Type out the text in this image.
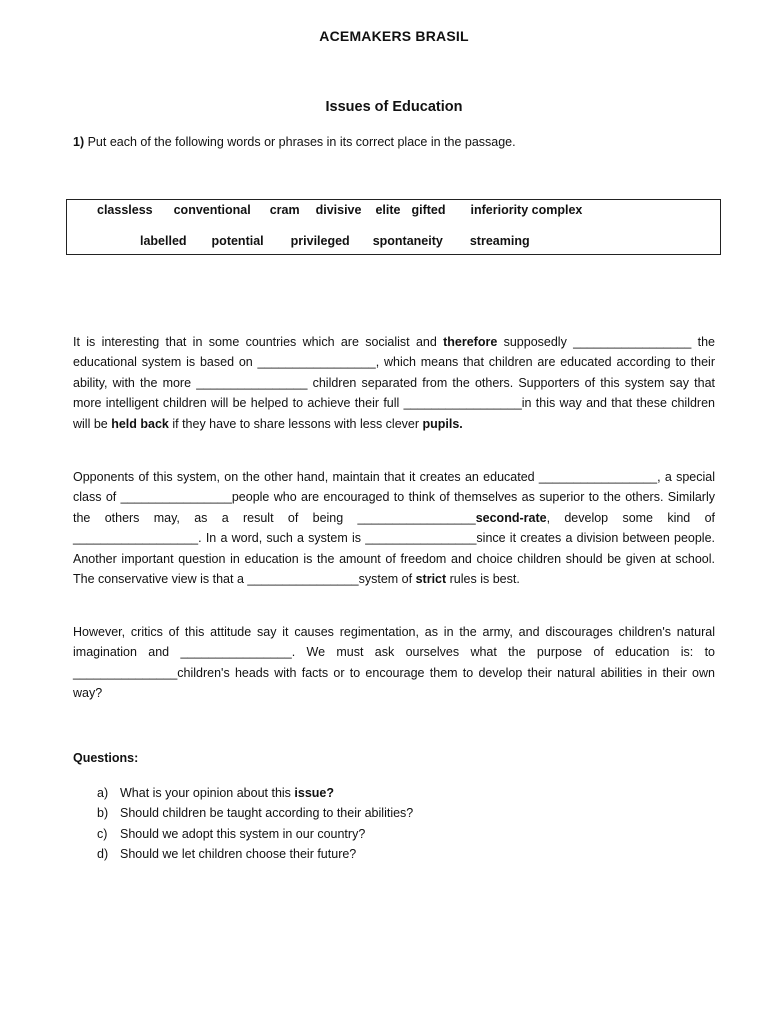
ACEMAKERS BRASIL
Issues of Education
1) Put each of the following words or phrases in its correct place in the passage.
classless conventional cram divisive elite gifted inferiority complex
labelled potential privileged spontaneity streaming

It is interesting that in some countries which are socialist and therefore supposedly _________________ the educational system is based on _________________, which means that children are educated according to their ability, with the more ________________ children separated from the others. Supporters of this system say that more intelligent children will be helped to achieve their full _________________in this way and that these children will be held back if they have to share lessons with less clever pupils.

Opponents of this system, on the other hand, maintain that it creates an educated _________________, a special class of ________________people who are encouraged to think of themselves as superior to the others. Similarly the others may, as a result of being _________________second-rate, develop some kind of __________________. In a word, such a system is ________________since it creates a division between people. Another important question in education is the amount of freedom and choice children should be given at school. The conservative view is that a ________________system of strict rules is best.

However, critics of this attitude say it causes regimentation, as in the army, and discourages children's natural imagination and ________________. We must ask ourselves what the purpose of education is: to _______________children's heads with facts or to encourage them to develop their natural abilities in their own way?

Questions:
a) What is your opinion about this issue?
b) Should children be taught according to their abilities?
c) Should we adopt this system in our country?
d) Should we let children choose their future?
